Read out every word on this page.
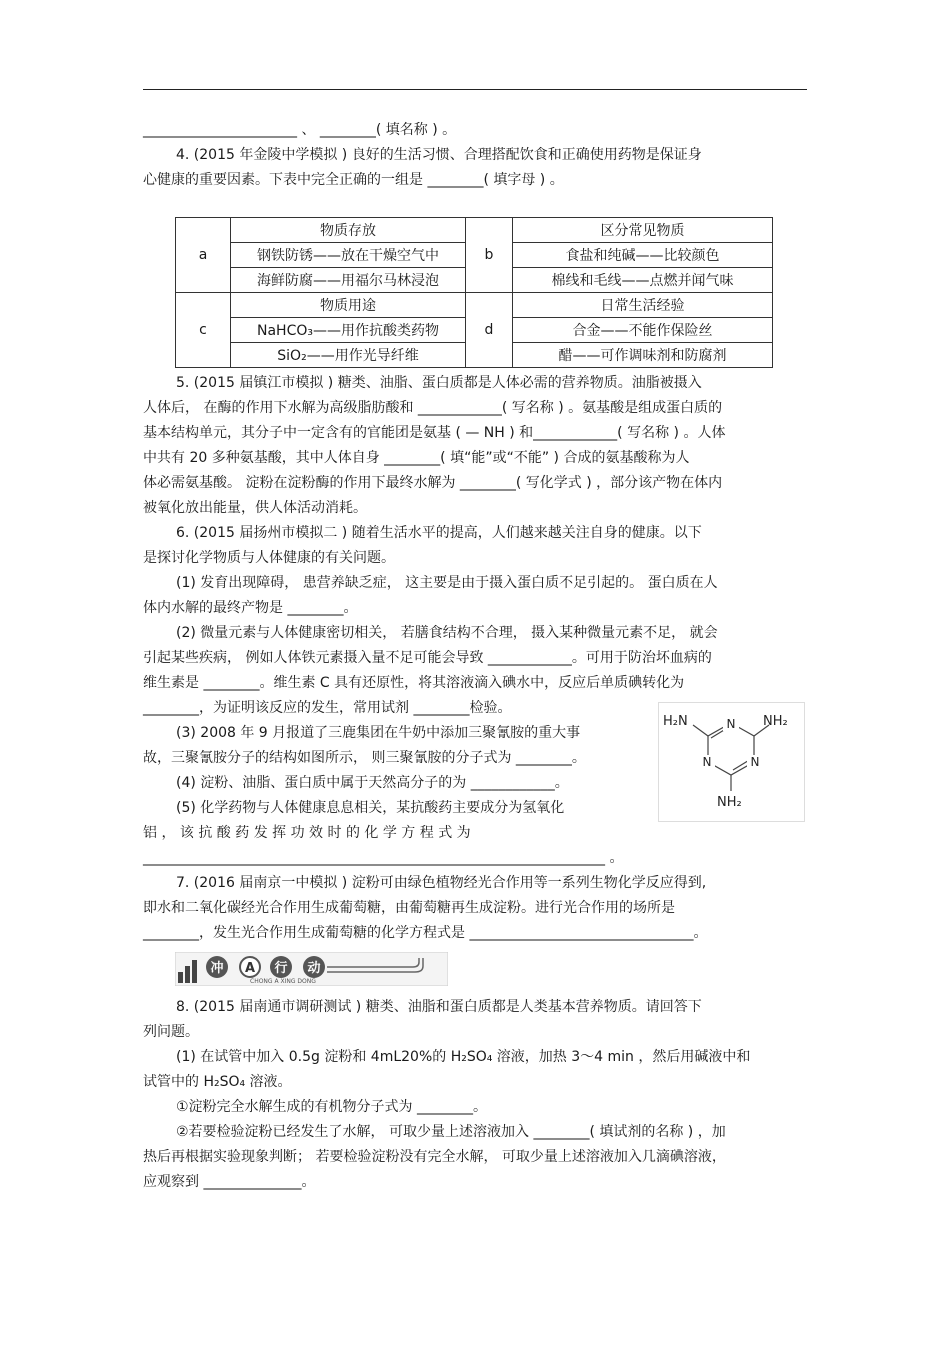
______________________ 、 ________( 填名称 ) 。
4. (2015 年金陵中学模拟 ) 良好的生活习惯、合理搭配饮食和正确使用药物是保证身
心健康的重要因素。下表中完全正确的一组是 ________( 填字母 ) 。
a	物质存放	b	区分常见物质
	钢铁防锈——放在干燥空气中		食盐和纯碱——比较颜色
	海鲜防腐——用福尔马林浸泡		棉线和毛线——点燃并闻气味
c	物质用途	d	日常生活经验
	NaHCO₃——用作抗酸类药物		合金——不能作保险丝
	SiO₂——用作光导纤维		醋——可作调味剂和防腐剂
5. (2015 届镇江市模拟 ) 糖类、油脂、蛋白质都是人体必需的营养物质。油脂被摄入
人体后， 在酶的作用下水解为高级脂肪酸和 ____________( 写名称 ) 。氨基酸是组成蛋白质的
基本结构单元，其分子中一定含有的官能团是氨基 ( — NH ) 和____________( 写名称 ) 。人体
中共有 20 多种氨基酸，其中人体自身 ________( 填“能”或“不能” ) 合成的氨基酸称为人
体必需氨基酸。 淀粉在淀粉酶的作用下最终水解为 ________( 写化学式 ) ，部分该产物在体内
被氧化放出能量，供人体活动消耗。
6. (2015 届扬州市模拟二 ) 随着生活水平的提高，人们越来越关注自身的健康。以下
是探讨化学物质与人体健康的有关问题。
(1) 发育出现障碍， 患营养缺乏症， 这主要是由于摄入蛋白质不足引起的。 蛋白质在人
体内水解的最终产物是 ________。
(2) 微量元素与人体健康密切相关， 若膳食结构不合理， 摄入某种微量元素不足， 就会
引起某些疾病， 例如人体铁元素摄入量不足可能会导致 ____________。可用于防治坏血病的
维生素是 ________。维生素 C 具有还原性，将其溶液滴入碘水中，反应后单质碘转化为
________，为证明该反应的发生，常用试剂 ________检验。
(3) 2008 年 9 月报道了三鹿集团在牛奶中添加三聚氰胺的重大事
故，三聚氰胺分子的结构如图所示， 则三聚氰胺的分子式为 ________。
(4) 淀粉、油脂、蛋白质中属于天然高分子的为 ____________。
(5) 化学药物与人体健康息息相关，某抗酸药主要成分为氢氧化
铝 ， 该 抗 酸 药 发 挥 功 效 时 的 化 学 方 程 式 为
__________________________________________________________________ 。
N
N	N
H₂N	NH₂
NH₂
7. (2016 届南京一中模拟 ) 淀粉可由绿色植物经光合作用等一系列生物化学反应得到,
即水和二氧化碳经光合作用生成葡萄糖，由葡萄糖再生成淀粉。进行光合作用的场所是
________，发生光合作用生成葡萄糖的化学方程式是 ________________________________。
冲 A 行 动
CHONG A XING DONG
8. (2015 届南通市调研测试 ) 糖类、油脂和蛋白质都是人类基本营养物质。请回答下
列问题。
(1) 在试管中加入 0.5g 淀粉和 4mL20%的 H₂SO₄ 溶液，加热 3～4 min ，然后用碱液中和
试管中的 H₂SO₄ 溶液。
①淀粉完全水解生成的有机物分子式为 ________。
②若要检验淀粉已经发生了水解， 可取少量上述溶液加入 ________( 填试剂的名称 ) ，加
热后再根据实验现象判断； 若要检验淀粉没有完全水解， 可取少量上述溶液加入几滴碘溶液，
应观察到 ______________。
